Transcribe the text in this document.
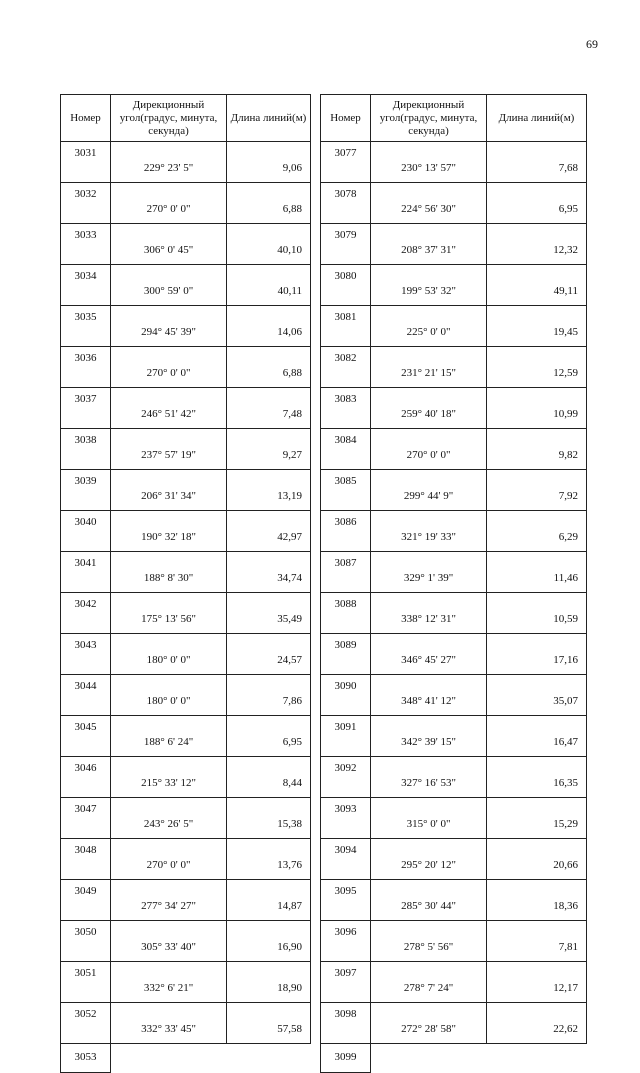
69
Номер	Дирекционный угол(градус, минута, секунда)	Длина линий(м)
3031	229° 23' 5"	9,06
3032	270° 0' 0"	6,88
3033	306° 0' 45"	40,10
3034	300° 59' 0"	40,11
3035	294° 45' 39"	14,06
3036	270° 0' 0"	6,88
3037	246° 51' 42"	7,48
3038	237° 57' 19"	9,27
3039	206° 31' 34"	13,19
3040	190° 32' 18"	42,97
3041	188° 8' 30"	34,74
3042	175° 13' 56"	35,49
3043	180° 0' 0"	24,57
3044	180° 0' 0"	7,86
3045	188° 6' 24"	6,95
3046	215° 33' 12"	8,44
3047	243° 26' 5"	15,38
3048	270° 0' 0"	13,76
3049	277° 34' 27"	14,87
3050	305° 33' 40"	16,90
3051	332° 6' 21"	18,90
3052	332° 33' 45"	57,58
3053		
Номер	Дирекционный угол(градус, минута, секунда)	Длина линий(м)
3077	230° 13' 57"	7,68
3078	224° 56' 30"	6,95
3079	208° 37' 31"	12,32
3080	199° 53' 32"	49,11
3081	225° 0' 0"	19,45
3082	231° 21' 15"	12,59
3083	259° 40' 18"	10,99
3084	270° 0' 0"	9,82
3085	299° 44' 9"	7,92
3086	321° 19' 33"	6,29
3087	329° 1' 39"	11,46
3088	338° 12' 31"	10,59
3089	346° 45' 27"	17,16
3090	348° 41' 12"	35,07
3091	342° 39' 15"	16,47
3092	327° 16' 53"	16,35
3093	315° 0' 0"	15,29
3094	295° 20' 12"	20,66
3095	285° 30' 44"	18,36
3096	278° 5' 56"	7,81
3097	278° 7' 24"	12,17
3098	272° 28' 58"	22,62
3099		
